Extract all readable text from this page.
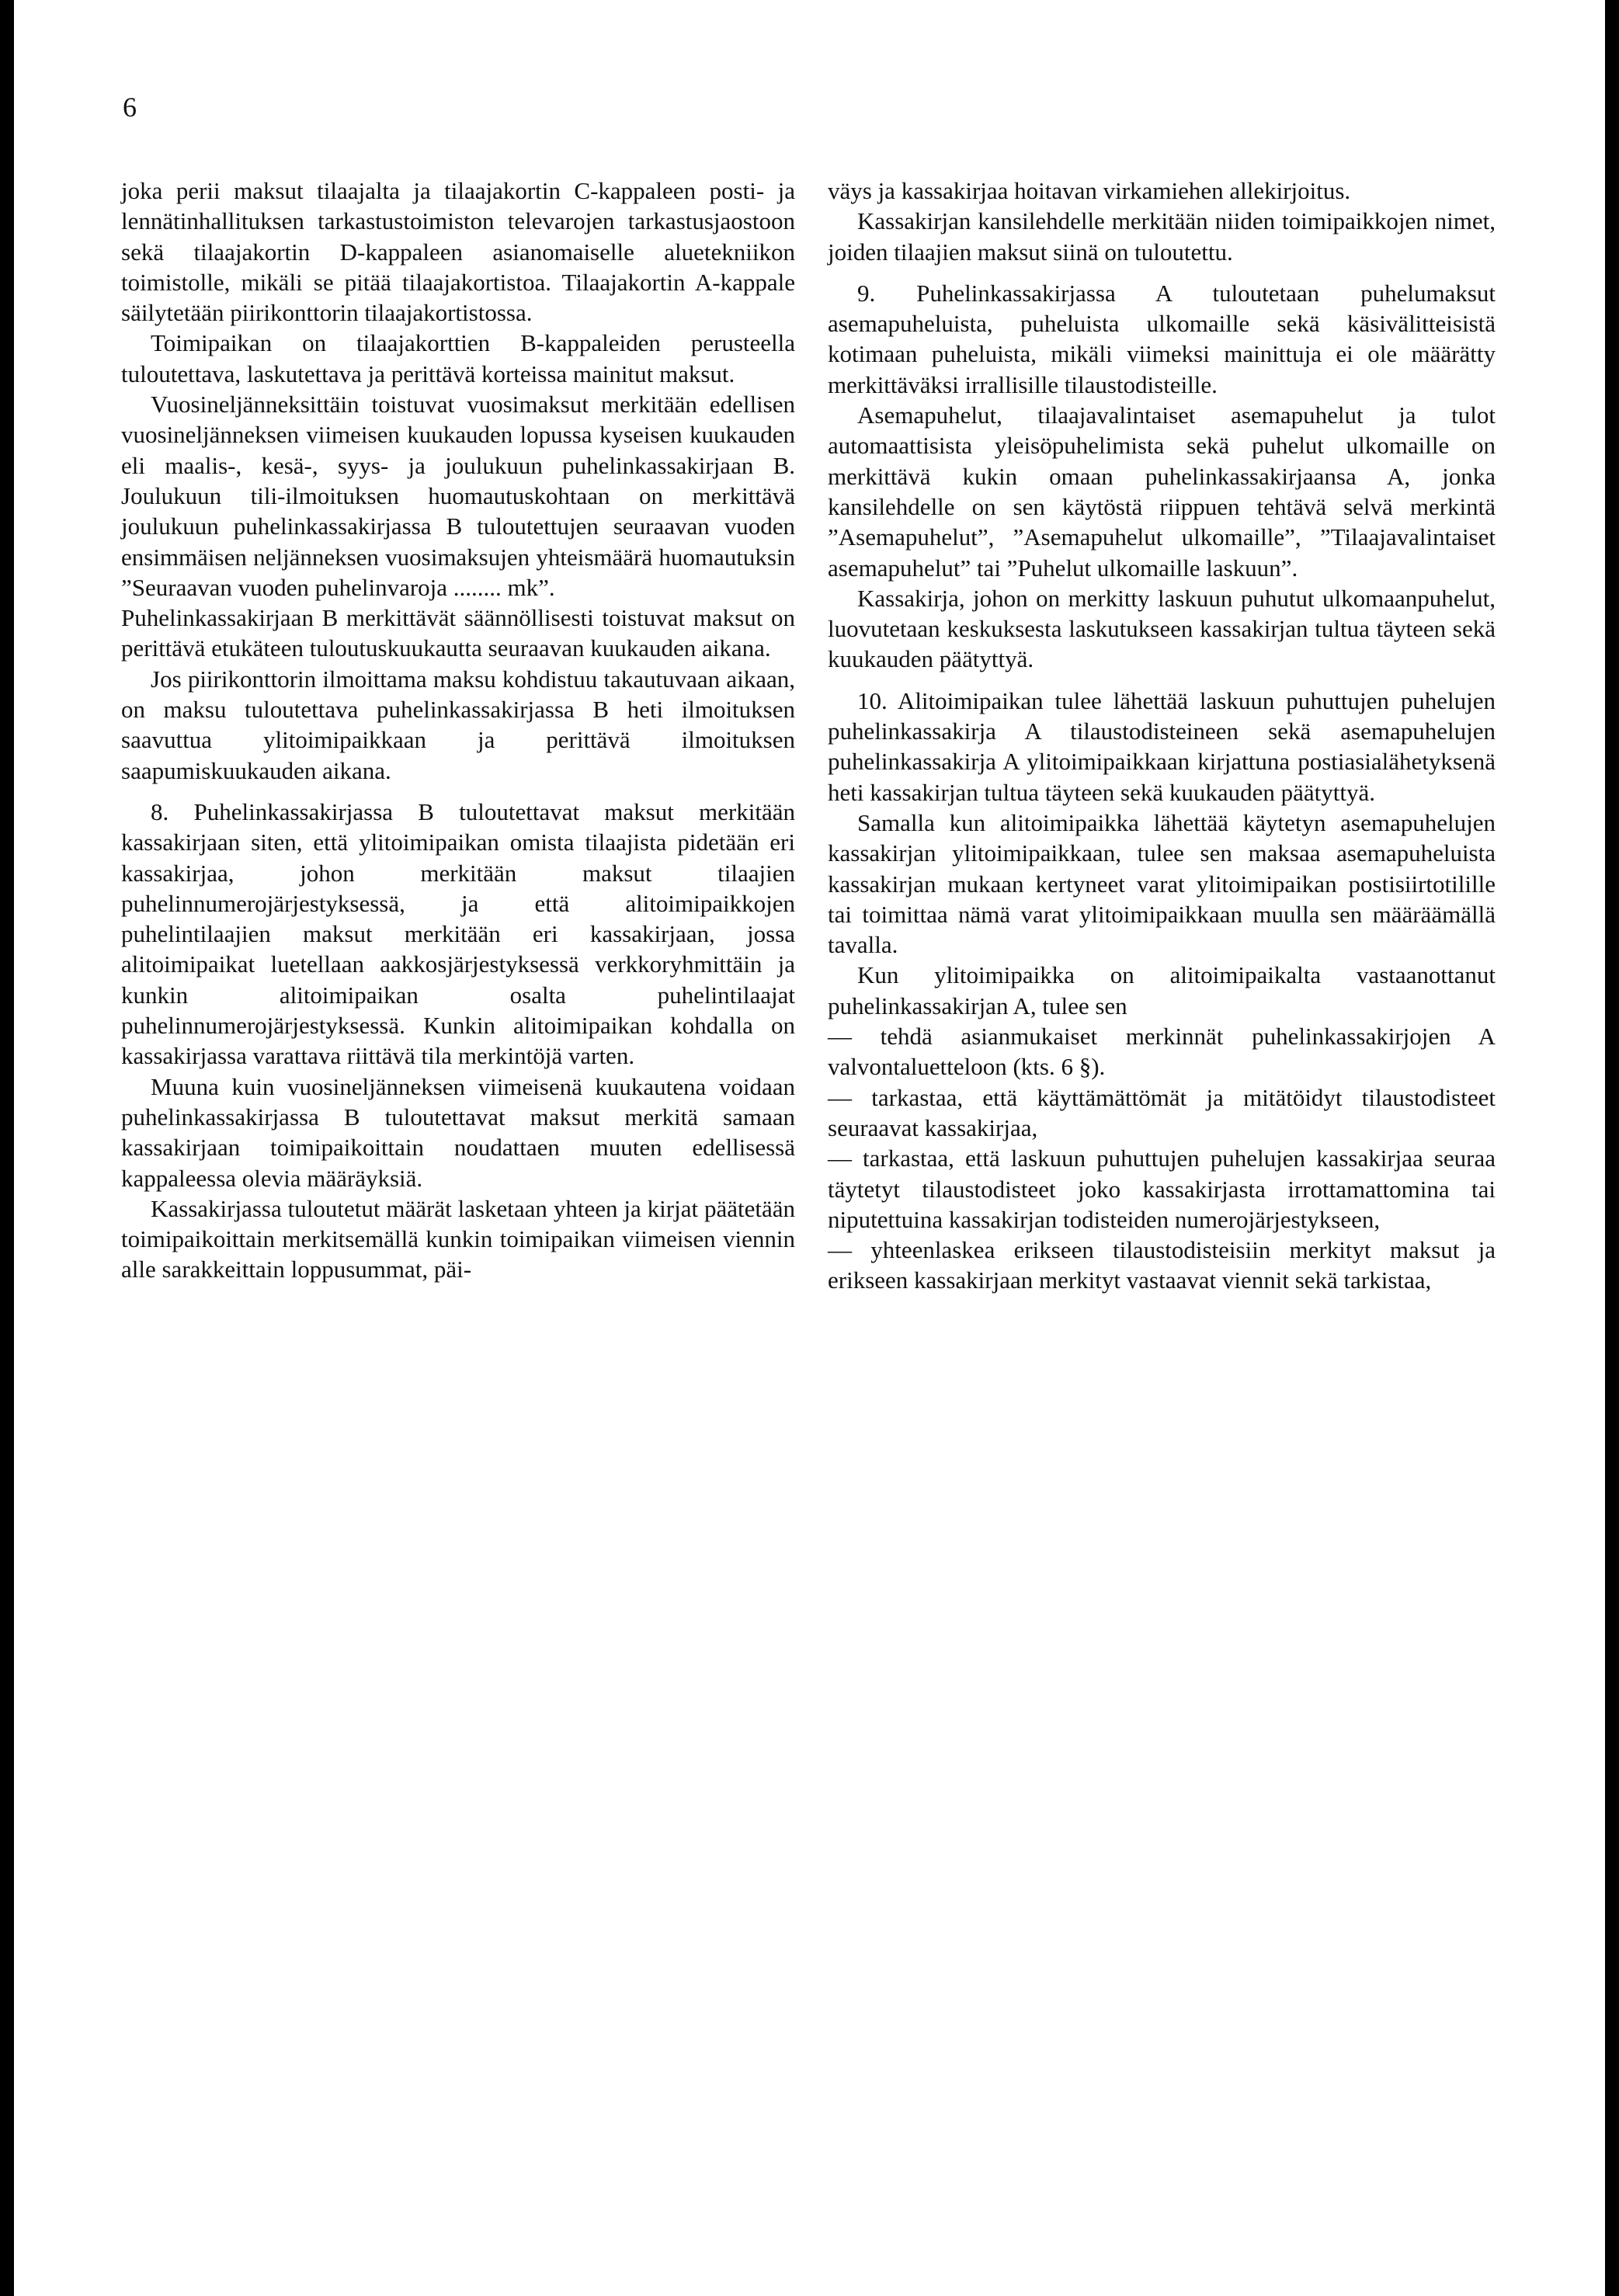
6

joka perii maksut tilaajalta ja tilaajakortin C-kappaleen posti- ja lennätinhallituksen tarkastustoimiston televarojen tarkastusjaostoon sekä tilaajakortin D-kappaleen asianomaiselle aluetekniikon toimistolle, mikäli se pitää tilaajakortistoa. Tilaajakortin A-kappale säilytetään piirikonttorin tilaajakortistossa.

Toimipaikan on tilaajakorttien B-kappaleiden perusteella tuloutettava, laskutettava ja perittävä korteissa mainitut maksut.

Vuosineljänneksittäin toistuvat vuosimaksut merkitään edellisen vuosineljänneksen viimeisen kuukauden lopussa kyseisen kuukauden eli maalis-, kesä-, syys- ja joulukuun puhelinkassakirjaan B. Joulukuun tili-ilmoituksen huomautuskohtaan on merkittävä joulukuun puhelinkassakirjassa B tuloutettujen seuraavan vuoden ensimmäisen neljänneksen vuosimaksujen yhteismäärä huomautuksin ”Seuraavan vuoden puhelinvaroja ........ mk”.

Puhelinkassakirjaan B merkittävät säännöllisesti toistuvat maksut on perittävä etukäteen tuloutuskuukautta seuraavan kuukauden aikana.

Jos piirikonttorin ilmoittama maksu kohdistuu takautuvaan aikaan, on maksu tuloutettava puhelinkassakirjassa B heti ilmoituksen saavuttua ylitoimipaikkaan ja perittävä ilmoituksen saapumiskuukauden aikana.

8. Puhelinkassakirjassa B tuloutettavat maksut merkitään kassakirjaan siten, että ylitoimipaikan omista tilaajista pidetään eri kassakirjaa, johon merkitään maksut tilaajien puhelinnumerojärjestyksessä, ja että alitoimipaikkojen puhelintilaajien maksut merkitään eri kassakirjaan, jossa alitoimipaikat luetellaan aakkosjärjestyksessä verkkoryhmittäin ja kunkin alitoimipaikan osalta puhelintilaajat puhelinnumerojärjestyksessä. Kunkin alitoimipaikan kohdalla on kassakirjassa varattava riittävä tila merkintöjä varten.

Muuna kuin vuosineljänneksen viimeisenä kuukautena voidaan puhelinkassakirjassa B tuloutettavat maksut merkitä samaan kassakirjaan toimipaikoittain noudattaen muuten edellisessä kappaleessa olevia määräyksiä.

Kassakirjassa tuloutetut määrät lasketaan yhteen ja kirjat päätetään toimipaikoittain merkitsemällä kunkin toimipaikan viimeisen viennin alle sarakkeittain loppusummat, päi-

väys ja kassakirjaa hoitavan virkamiehen allekirjoitus.

Kassakirjan kansilehdelle merkitään niiden toimipaikkojen nimet, joiden tilaajien maksut siinä on tuloutettu.

9. Puhelinkassakirjassa A tuloutetaan puhelumaksut asemapuheluista, puheluista ulkomaille sekä käsivälitteisistä kotimaan puheluista, mikäli viimeksi mainittuja ei ole määrätty merkittäväksi irrallisille tilaustodisteille.

Asemapuhelut, tilaajavalintaiset asemapuhelut ja tulot automaattisista yleisöpuhelimista sekä puhelut ulkomaille on merkittävä kukin omaan puhelinkassakirjaansa A, jonka kansilehdelle on sen käytöstä riippuen tehtävä selvä merkintä ”Asemapuhelut”, ”Asemapuhelut ulkomaille”, ”Tilaajavalintaiset asemapuhelut” tai ”Puhelut ulkomaille laskuun”.

Kassakirja, johon on merkitty laskuun puhutut ulkomaanpuhelut, luovutetaan keskuksesta laskutukseen kassakirjan tultua täyteen sekä kuukauden päätyttyä.

10. Alitoimipaikan tulee lähettää laskuun puhuttujen puhelujen puhelinkassakirja A tilaustodisteineen sekä asemapuhelujen puhelinkassakirja A ylitoimipaikkaan kirjattuna postiasialähetyksenä heti kassakirjan tultua täyteen sekä kuukauden päätyttyä.

Samalla kun alitoimipaikka lähettää käytetyn asemapuhelujen kassakirjan ylitoimipaikkaan, tulee sen maksaa asemapuheluista kassakirjan mukaan kertyneet varat ylitoimipaikan postisiirtotilille tai toimittaa nämä varat ylitoimipaikkaan muulla sen määräämällä tavalla.

Kun ylitoimipaikka on alitoimipaikalta vastaanottanut puhelinkassakirjan A, tulee sen

— tehdä asianmukaiset merkinnät puhelinkassakirjojen A valvontaluetteloon (kts. 6 §).

— tarkastaa, että käyttämättömät ja mitätöidyt tilaustodisteet seuraavat kassakirjaa,

— tarkastaa, että laskuun puhuttujen puhelujen kassakirjaa seuraa täytetyt tilaustodisteet joko kassakirjasta irrottamattomina tai niputettuina kassakirjan todisteiden numerojärjestykseen,

— yhteenlaskea erikseen tilaustodisteisiin merkityt maksut ja erikseen kassakirjaan merkityt vastaavat viennit sekä tarkistaa,
